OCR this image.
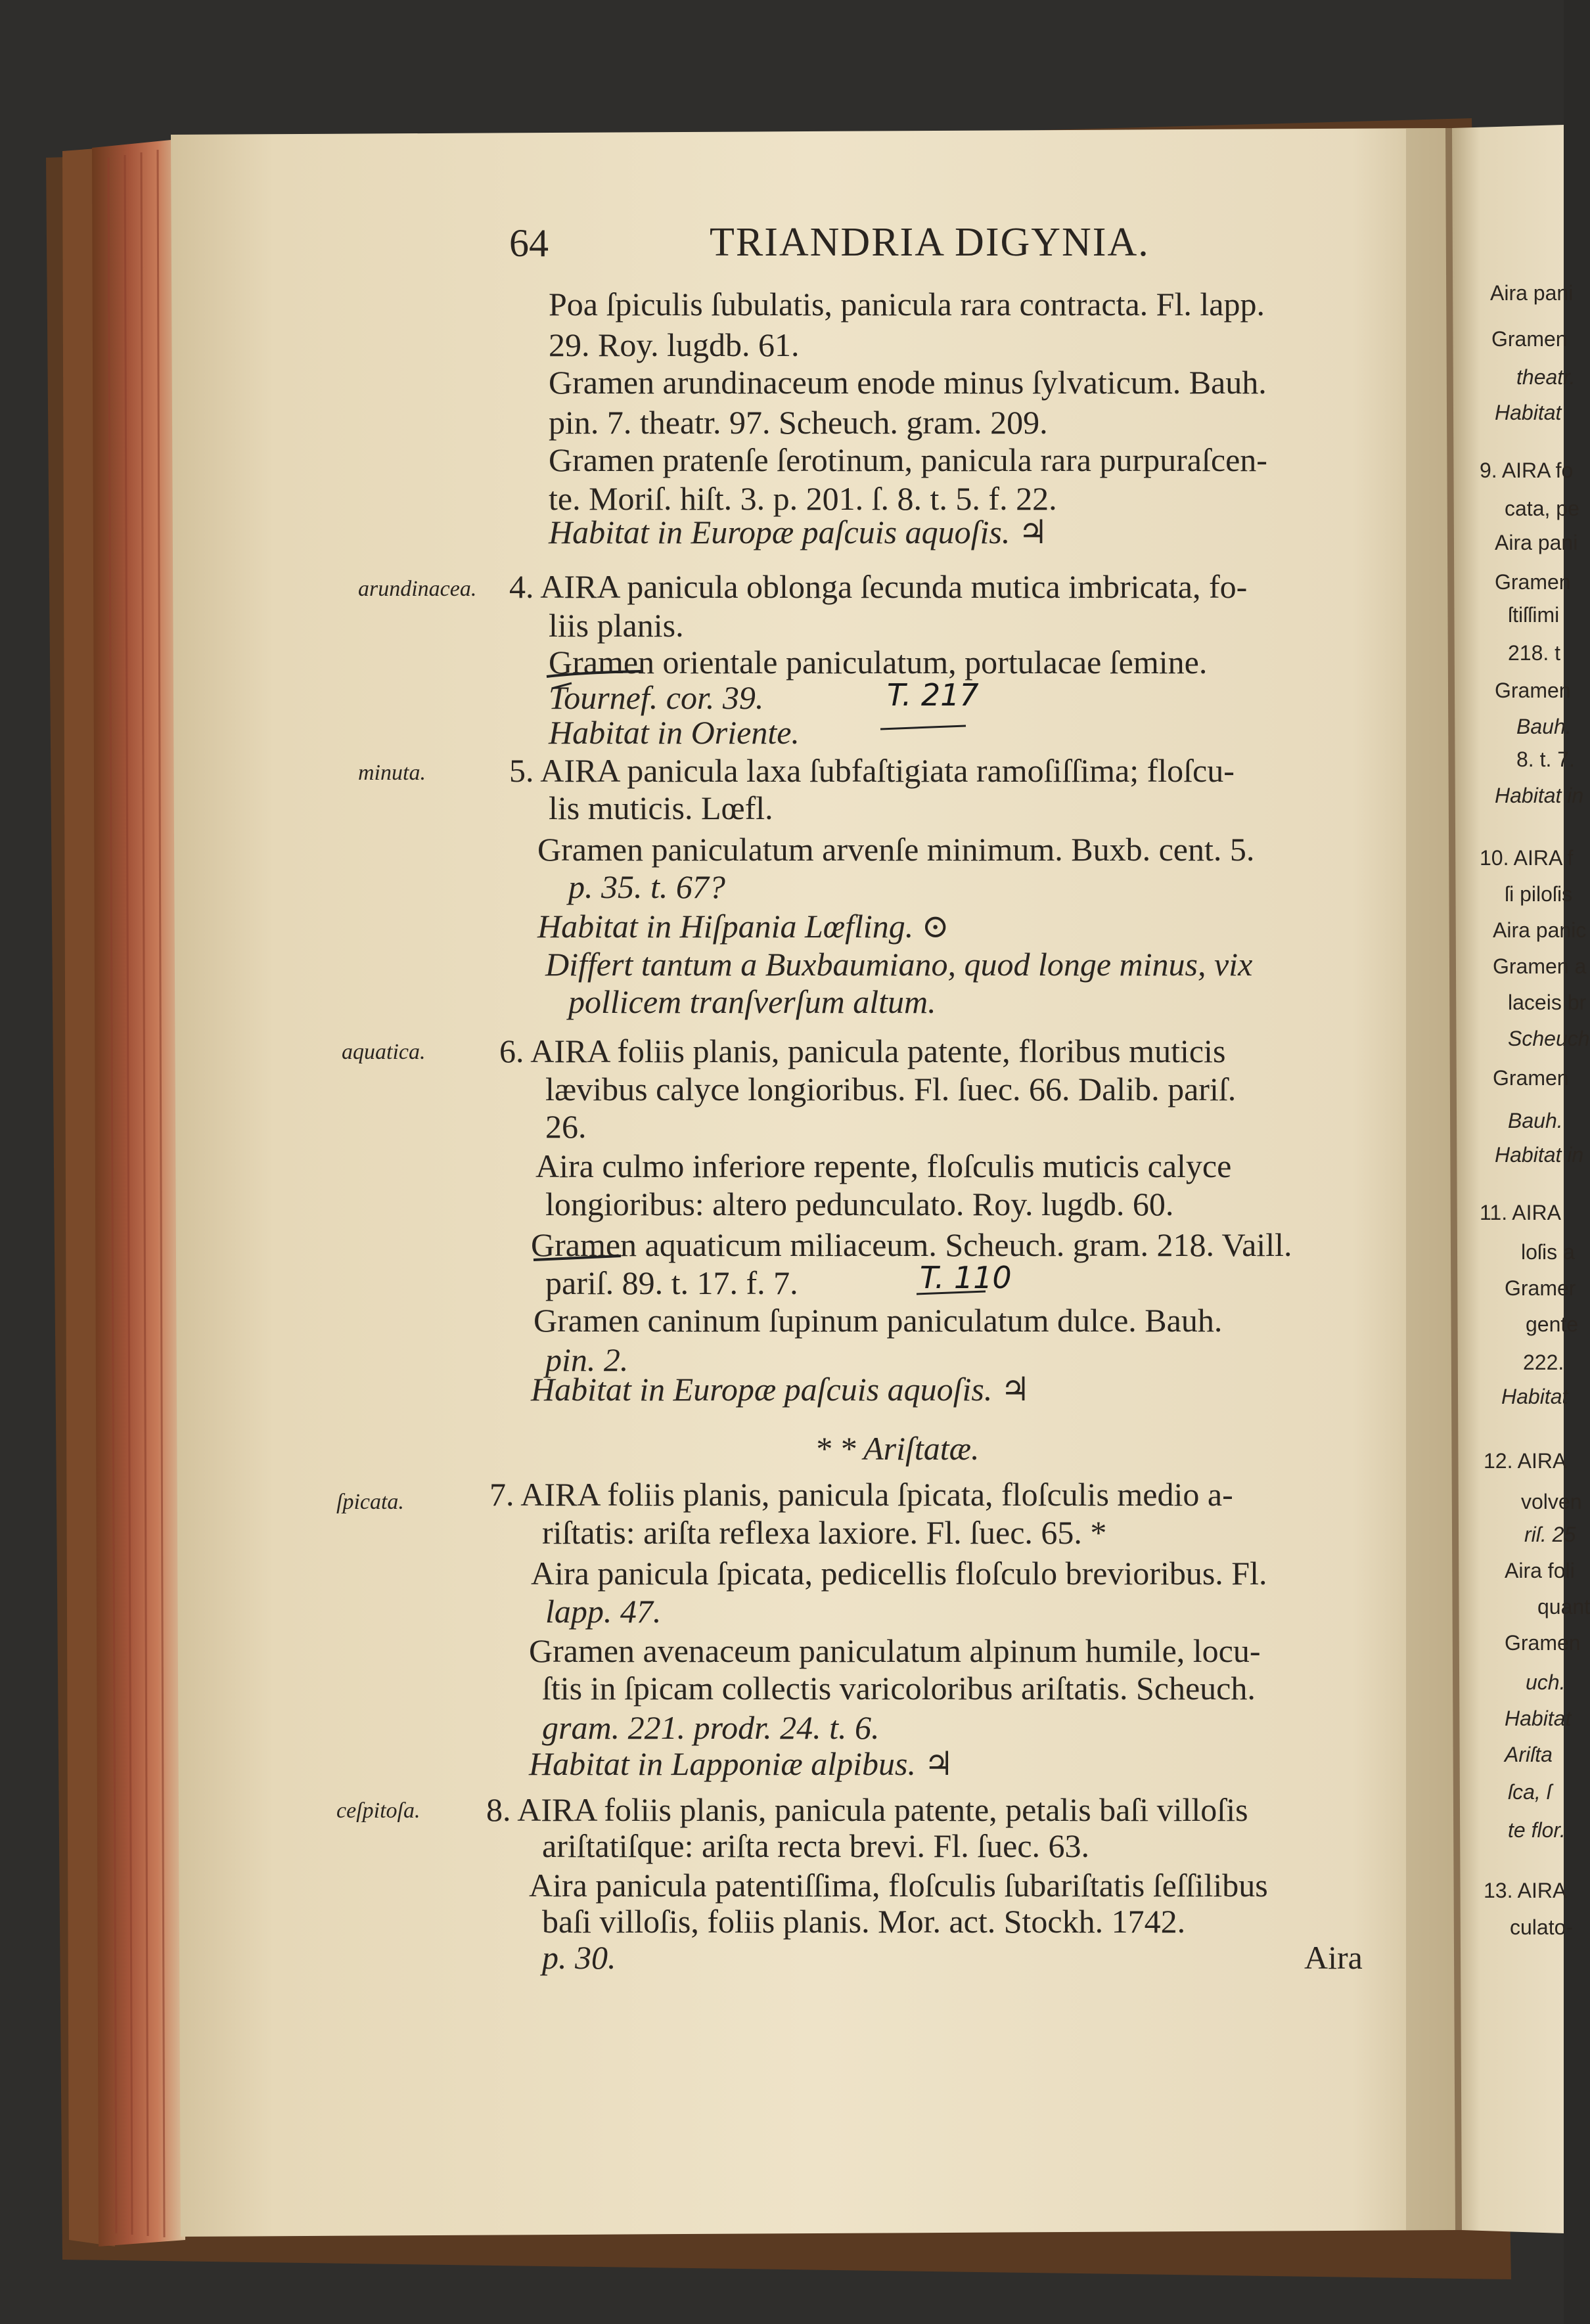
64	TRIANDRIA DIGYNIA.
Poa ſpiculis ſubulatis, panicula rara contracta. Fl. lapp.
29. Roy. lugdb. 61.
Gramen arundinaceum enode minus ſylvaticum. Bauh.
pin. 7. theatr. 97. Scheuch. gram. 209.
Gramen pratenſe ſerotinum, panicula rara purpuraſcen-
te. Moriſ. hiſt. 3. p. 201. ſ. 8. t. 5. f. 22.
Habitat in Europæ paſcuis aquoſis. ♃
arundinacea. 4. AIRA panicula oblonga ſecunda mutica imbricata, fo-
liis planis.
Gramen orientale paniculatum, portulacae ſemine.
Tournef. cor. 39.	T. 217
Habitat in Oriente.
minuta.	5. AIRA panicula laxa ſubfaſtigiata ramoſiſſima; floſcu-
lis muticis. Lœfl.
Gramen paniculatum arvenſe minimum. Buxb. cent. 5.
p. 35. t. 67?
Habitat in Hiſpania Lœfling. ⊙
Differt tantum a Buxbaumiano, quod longe minus, vix
pollicem tranſverſum altum.
aquatica. 6. AIRA foliis planis, panicula patente, floribus muticis
lævibus calyce longioribus. Fl. ſuec. 66. Dalib. pariſ.
26.
Aira culmo inferiore repente, floſculis muticis calyce
longioribus: altero pedunculato. Roy. lugdb. 60.
Gramen aquaticum miliaceum. Scheuch. gram. 218. Vaill.
pariſ. 89. t. 17. f. 7.	T. 110
Gramen caninum ſupinum paniculatum dulce. Bauh.
pin. 2.
Habitat in Europæ paſcuis aquoſis. ♃
* * Ariſtatæ.
ſpicata.	7. AIRA foliis planis, panicula ſpicata, floſculis medio a-
riſtatis: ariſta reflexa laxiore. Fl. ſuec. 65. *
Aira panicula ſpicata, pedicellis floſculo brevioribus. Fl.
lapp. 47.
Gramen avenaceum paniculatum alpinum humile, locu-
ſtis in ſpicam collectis varicoloribus ariſtatis. Scheuch.
gram. 221. prodr. 24. t. 6.
Habitat in Lapponiæ alpibus. ♃
ceſpitoſa. 8. AIRA foliis planis, panicula patente, petalis baſi villoſis
ariſtatiſque: ariſta recta brevi. Fl. ſuec. 63.
Aira panicula patentiſſima, floſculis ſubariſtatis ſeſſilibus
baſi villoſis, foliis planis. Mor. act. Stockh. 1742.
p. 30.	Aira
Aira pani
Gramen
theatr.
Habitat
9. AIRA fo
cata, pe
Aira pani
Gramen
ſtiſſimi
218. t
Gramen
Bauh.
8. t. 7.
Habitat in
10. AIRA f
ſi piloſis
Aira panic
Gramen a
laceis br
Scheuch
Gramen
Bauh.
Habitat in
11. AIRA
loſis a
Gramer
gente
222.
Habitat
12. AIRA
volven
riſ. 25
Aira foli
quant
Gramen
uch.
Habitat
Ariſta
ſca, ſ
te flor.
13. AIRA
culato-
